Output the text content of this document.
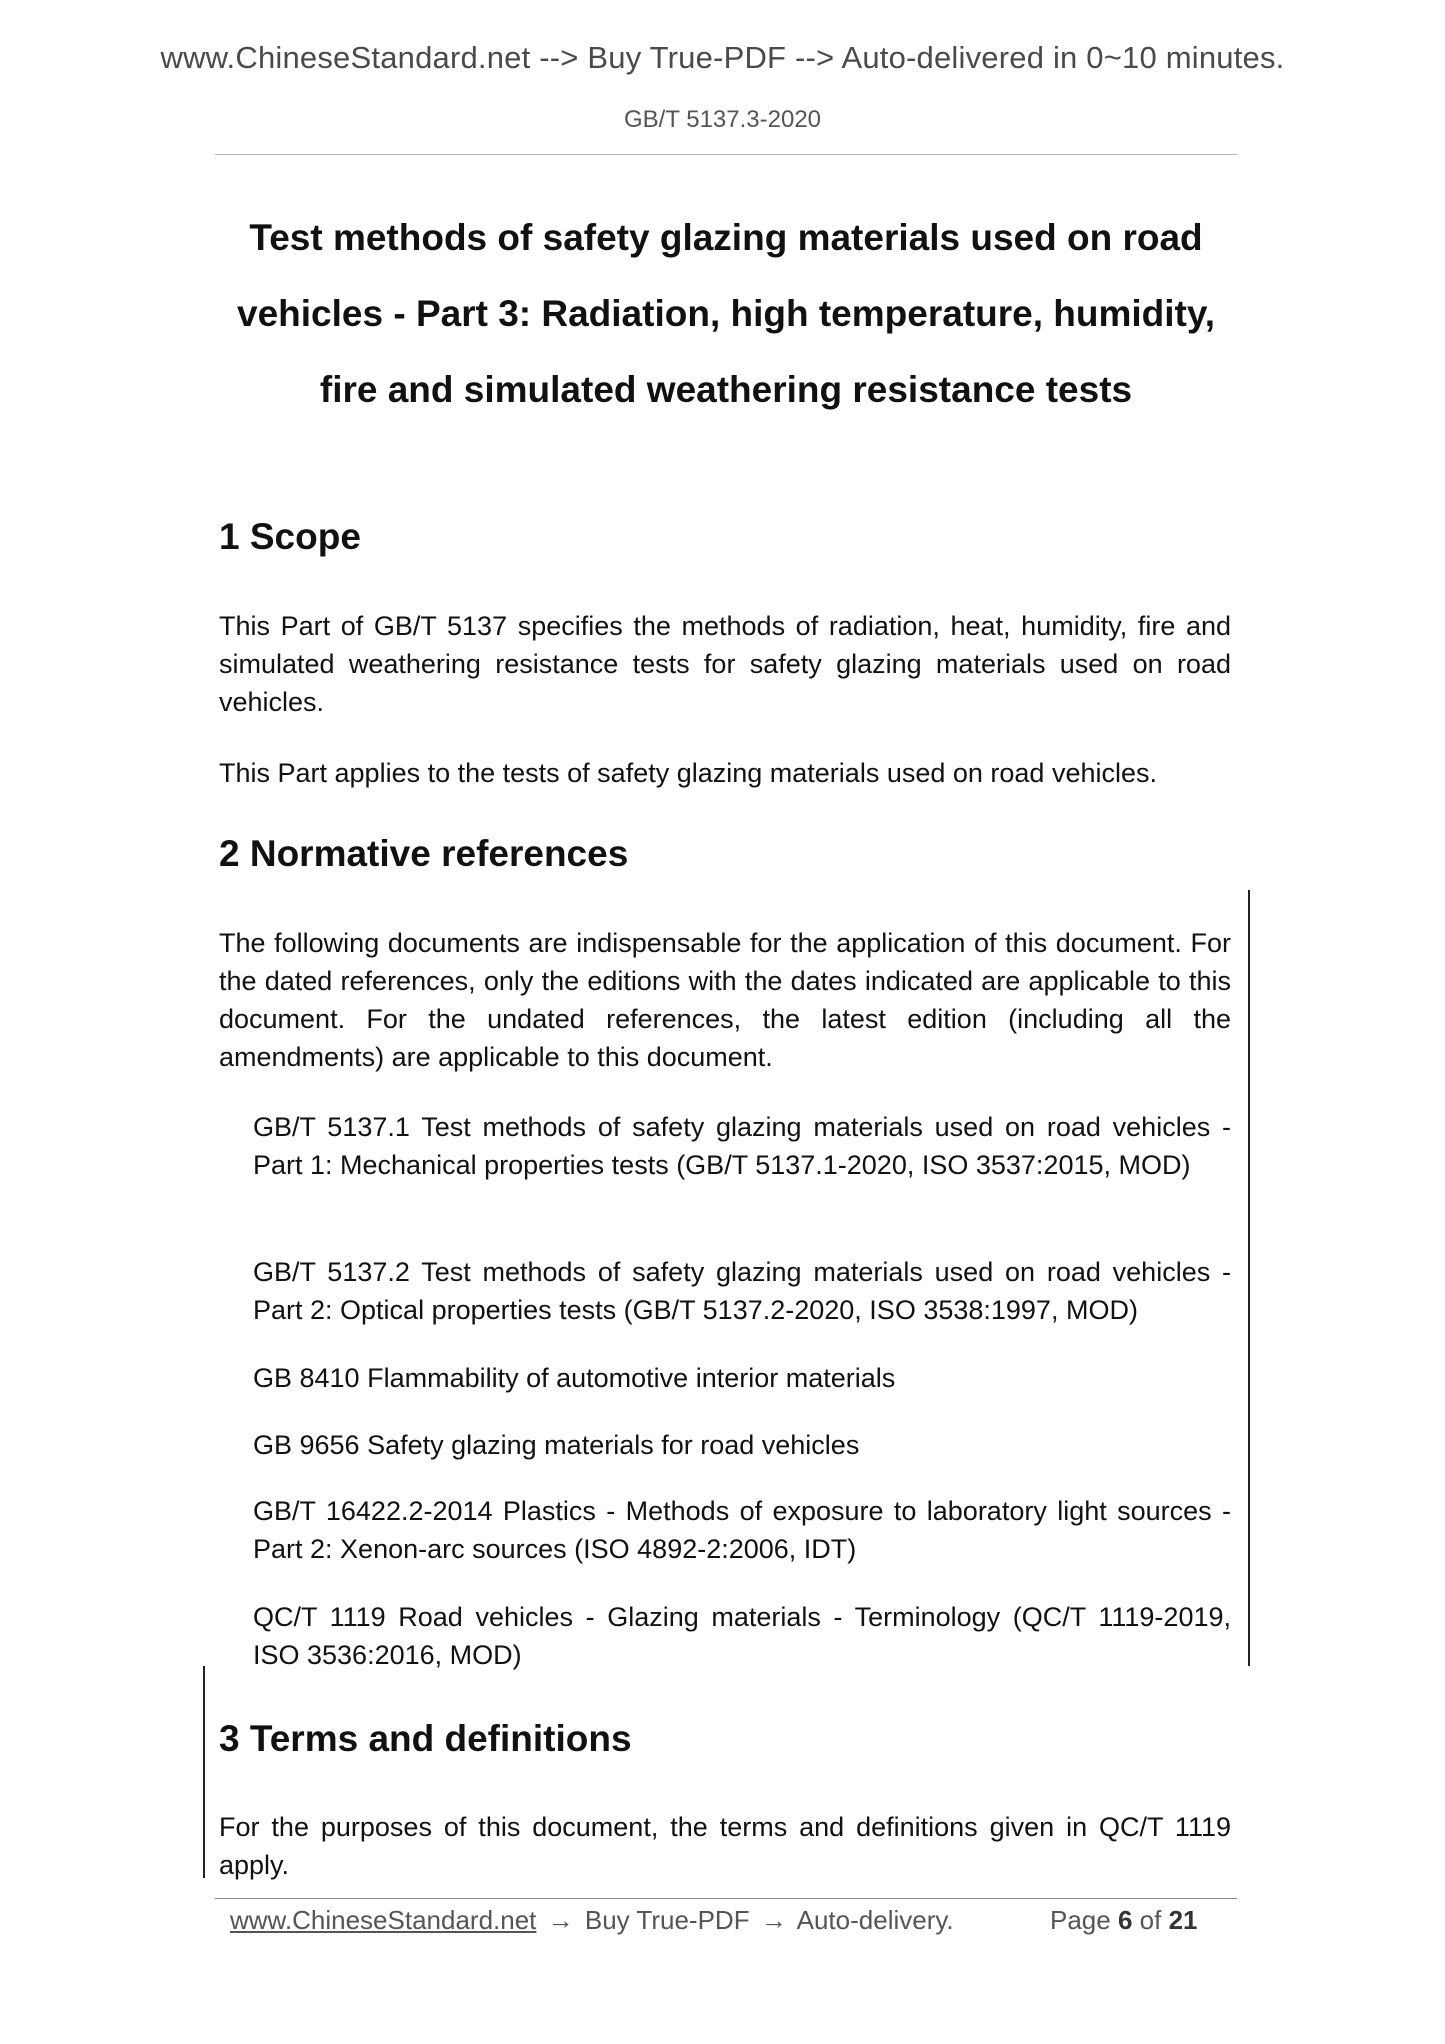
www.ChineseStandard.net --> Buy True-PDF --> Auto-delivered in 0~10 minutes.
GB/T 5137.3-2020
Test methods of safety glazing materials used on road
vehicles - Part 3: Radiation, high temperature, humidity,
fire and simulated weathering resistance tests
1 Scope

This Part of GB/T 5137 specifies the methods of radiation, heat, humidity, fire and simulated weathering resistance tests for safety glazing materials used on road vehicles.

This Part applies to the tests of safety glazing materials used on road vehicles.

2 Normative references

The following documents are indispensable for the application of this document. For the dated references, only the editions with the dates indicated are applicable to this document. For the undated references, the latest edition (including all the amendments) are applicable to this document.

GB/T 5137.1 Test methods of safety glazing materials used on road vehicles - Part 1: Mechanical properties tests (GB/T 5137.1-2020, ISO 3537:2015, MOD)

GB/T 5137.2 Test methods of safety glazing materials used on road vehicles - Part 2: Optical properties tests (GB/T 5137.2-2020, ISO 3538:1997, MOD)

GB 8410 Flammability of automotive interior materials

GB 9656 Safety glazing materials for road vehicles

GB/T 16422.2-2014 Plastics - Methods of exposure to laboratory light sources - Part 2: Xenon-arc sources (ISO 4892-2:2006, IDT)

QC/T 1119 Road vehicles - Glazing materials - Terminology (QC/T 1119-2019, ISO 3536:2016, MOD)

3 Terms and definitions

For the purposes of this document, the terms and definitions given in QC/T 1119 apply.

www.ChineseStandard.net → Buy True-PDF → Auto-delivery.	Page 6 of 21
